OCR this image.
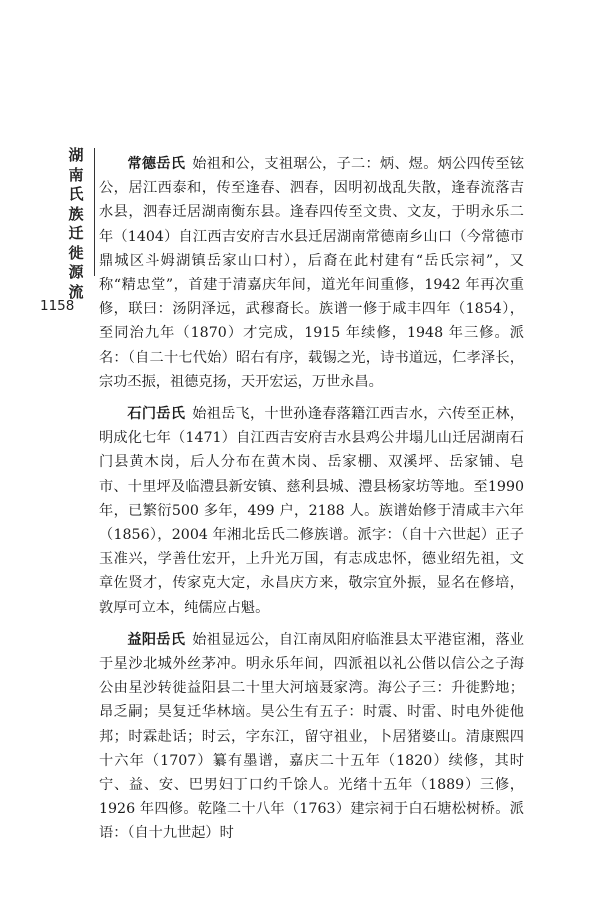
湖南氏族迁徙源流
1158

常德岳氏 始祖和公，支祖琚公，子二：炳、煜。炳公四传至铉公，居江西泰和，传至逢春、泗春，因明初战乱失散，逢春流落吉水县，泗春迁居湖南衡东县。逢春四传至文贵、文友，于明永乐二年（1404）自江西吉安府吉水县迁居湖南常德南乡山口（今常德市鼎城区斗姆湖镇岳家山口村），后裔在此村建有“岳氏宗祠”，又称“精忠堂”，首建于清嘉庆年间，道光年间重修，1942 年再次重修，联曰：汤阴泽远，武穆裔长。族谱一修于咸丰四年（1854），至同治九年（1870）才完成，1915 年续修，1948 年三修。派名：（自二十七代始）昭右有序，载锡之光，诗书道远，仁孝泽长，宗功丕振，祖德克扬，天开宏运，万世永昌。

石门岳氏 始祖岳飞，十世孙逢春落籍江西吉水，六传至正林，明成化七年（1471）自江西吉安府吉水县鸡公井塌儿山迁居湖南石门县黄木岗，后人分布在黄木岗、岳家棚、双溪坪、岳家铺、皂市、十里坪及临澧县新安镇、慈利县城、澧县杨家坊等地。至1990 年，已繁衍500 多年，499 户，2188 人。族谱始修于清咸丰六年（1856），2004 年湘北岳氏二修族谱。派字：（自十六世起）正子玉准兴，学善仕宏开，上升光万国，有志成忠怀，德业绍先祖，文章佐贤才，传家克大定，永昌庆方来，敬宗宜外振，显名在修培，敦厚可立本，纯儒应占魁。

益阳岳氏 始祖显远公，自江南凤阳府临淮县太平港宦湘，落业于星沙北城外丝茅冲。明永乐年间，四派祖以礼公偕以信公之子海公由星沙转徙益阳县二十里大河垴聂家湾。海公子三：升徙黔地；昂乏嗣；昊复迁华林垴。昊公生有五子：时震、时雷、时电外徙他邦；时霖赴话；时云，字东江，留守祖业，卜居猪婆山。清康熙四十六年（1707）纂有墨谱，嘉庆二十五年（1820）续修，其时宁、益、安、巴男妇丁口约千馀人。光绪十五年（1889）三修，1926 年四修。乾隆二十八年（1763）建宗祠于白石塘松树桥。派语：（自十九世起）时
